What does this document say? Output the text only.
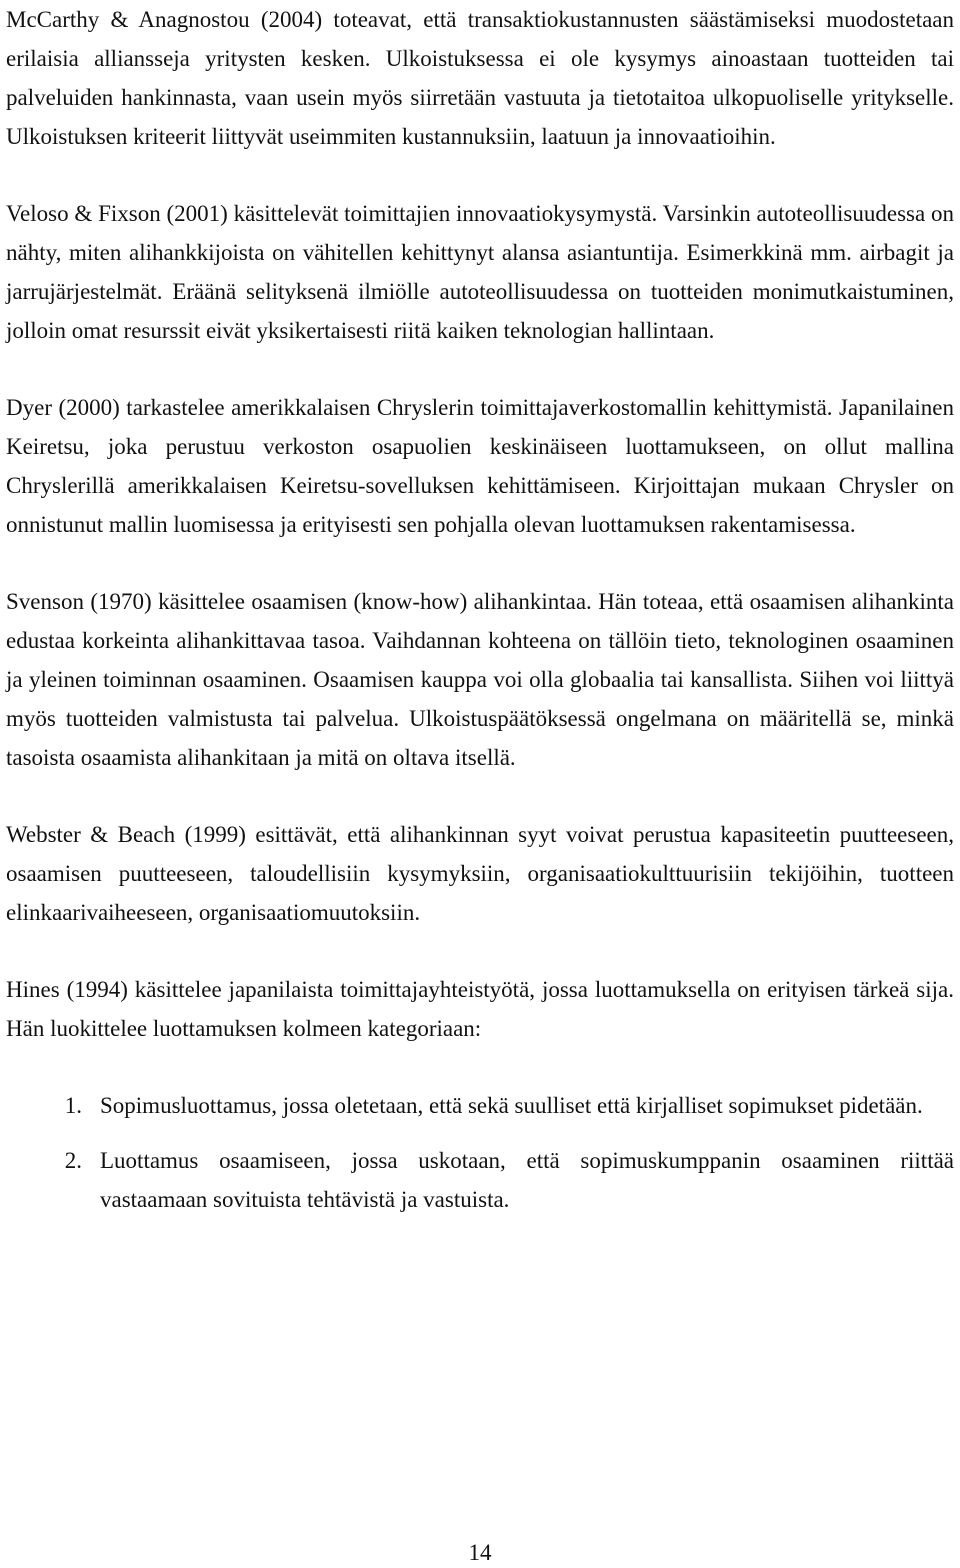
McCarthy & Anagnostou (2004) toteavat, että transaktiokustannusten säästämiseksi muodostetaan erilaisia alliansseja yritysten kesken. Ulkoistuksessa ei ole kysymys ainoastaan tuotteiden tai palveluiden hankinnasta, vaan usein myös siirretään vastuuta ja tietotaitoa ulkopuoliselle yritykselle. Ulkoistuksen kriteerit liittyvät useimmiten kustannuksiin, laatuun ja innovaatioihin.

Veloso & Fixson (2001) käsittelevät toimittajien innovaatiokysymystä. Varsinkin autoteollisuudessa on nähty, miten alihankkijoista on vähitellen kehittynyt alansa asiantuntija. Esimerkkinä mm. airbagit ja jarrujärjestelmät. Eräänä selityksenä ilmiölle autoteollisuudessa on tuotteiden monimutkaistuminen, jolloin omat resurssit eivät yksikertaisesti riitä kaiken teknologian hallintaan.

Dyer (2000) tarkastelee amerikkalaisen Chryslerin toimittajaverkostomallin kehittymistä. Japanilainen Keiretsu, joka perustuu verkoston osapuolien keskinäiseen luottamukseen, on ollut mallina Chryslerillä amerikkalaisen Keiretsu-sovelluksen kehittämiseen. Kirjoittajan mukaan Chrysler on onnistunut mallin luomisessa ja erityisesti sen pohjalla olevan luottamuksen rakentamisessa.

Svenson (1970) käsittelee osaamisen (know-how) alihankintaa. Hän toteaa, että osaamisen alihankinta edustaa korkeinta alihankittavaa tasoa. Vaihdannan kohteena on tällöin tieto, teknologinen osaaminen ja yleinen toiminnan osaaminen. Osaamisen kauppa voi olla globaalia tai kansallista. Siihen voi liittyä myös tuotteiden valmistusta tai palvelua. Ulkoistuspäätöksessä ongelmana on määritellä se, minkä tasoista osaamista alihankitaan ja mitä on oltava itsellä.

Webster & Beach (1999) esittävät, että alihankinnan syyt voivat perustua kapasiteetin puutteeseen, osaamisen puutteeseen, taloudellisiin kysymyksiin, organisaatiokulttuurisiin tekijöihin, tuotteen elinkaarivaiheeseen, organisaatiomuutoksiin.

Hines (1994) käsittelee japanilaista toimittajayhteistyötä, jossa luottamuksella on erityisen tärkeä sija. Hän luokittelee luottamuksen kolmeen kategoriaan:

1. Sopimusluottamus, jossa oletetaan, että sekä suulliset että kirjalliset sopimukset pidetään.
2. Luottamus osaamiseen, jossa uskotaan, että sopimuskumppanin osaaminen riittää vastaamaan sovituista tehtävistä ja vastuista.
14
